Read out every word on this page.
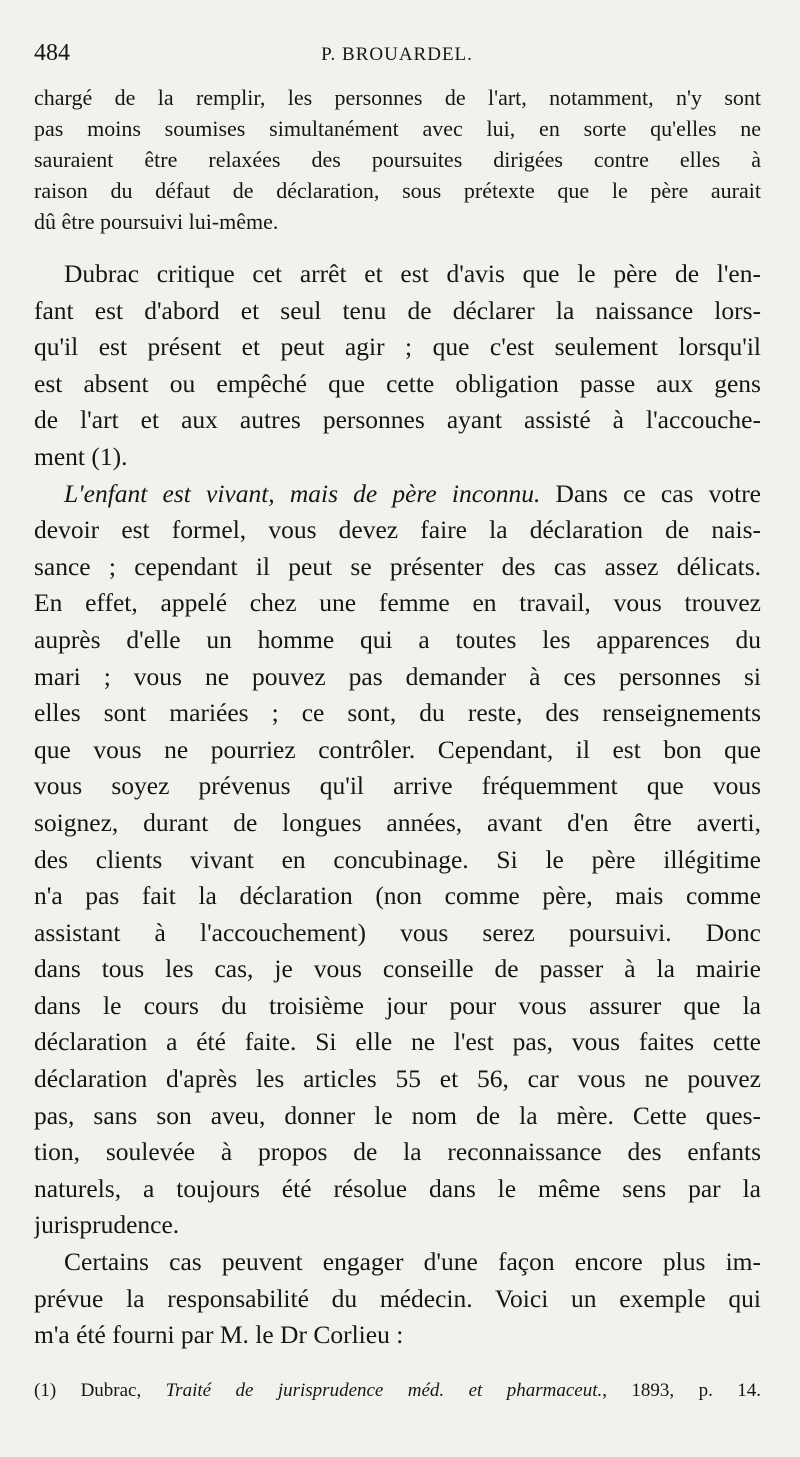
484	P. BROUARDEL.
chargé de la remplir, les personnes de l'art, notamment, n'y sont
pas moins soumises simultanément avec lui, en sorte qu'elles ne
sauraient être relaxées des poursuites dirigées contre elles à
raison du défaut de déclaration, sous prétexte que le père aurait
dû être poursuivi lui-même.
Dubrac critique cet arrêt et est d'avis que le père de l'en-
fant est d'abord et seul tenu de déclarer la naissance lors-
qu'il est présent et peut agir ; que c'est seulement lorsqu'il
est absent ou empêché que cette obligation passe aux gens
de l'art et aux autres personnes ayant assisté à l'accouche-
ment (1).
L'enfant est vivant, mais de père inconnu. Dans ce cas votre
devoir est formel, vous devez faire la déclaration de nais-
sance ; cependant il peut se présenter des cas assez délicats.
En effet, appelé chez une femme en travail, vous trouvez
auprès d'elle un homme qui a toutes les apparences du
mari ; vous ne pouvez pas demander à ces personnes si
elles sont mariées ; ce sont, du reste, des renseignements
que vous ne pourriez contrôler. Cependant, il est bon que
vous soyez prévenus qu'il arrive fréquemment que vous
soignez, durant de longues années, avant d'en être averti,
des clients vivant en concubinage. Si le père illégitime
n'a pas fait la déclaration (non comme père, mais comme
assistant à l'accouchement) vous serez poursuivi. Donc
dans tous les cas, je vous conseille de passer à la mairie
dans le cours du troisième jour pour vous assurer que la
déclaration a été faite. Si elle ne l'est pas, vous faites cette
déclaration d'après les articles 55 et 56, car vous ne pouvez
pas, sans son aveu, donner le nom de la mère. Cette ques-
tion, soulevée à propos de la reconnaissance des enfants
naturels, a toujours été résolue dans le même sens par la
jurisprudence.
Certains cas peuvent engager d'une façon encore plus im-
prévue la responsabilité du médecin. Voici un exemple qui
m'a été fourni par M. le Dr Corlieu :
(1) Dubrac, Traité de jurisprudence méd. et pharmaceut., 1893, p. 14.
